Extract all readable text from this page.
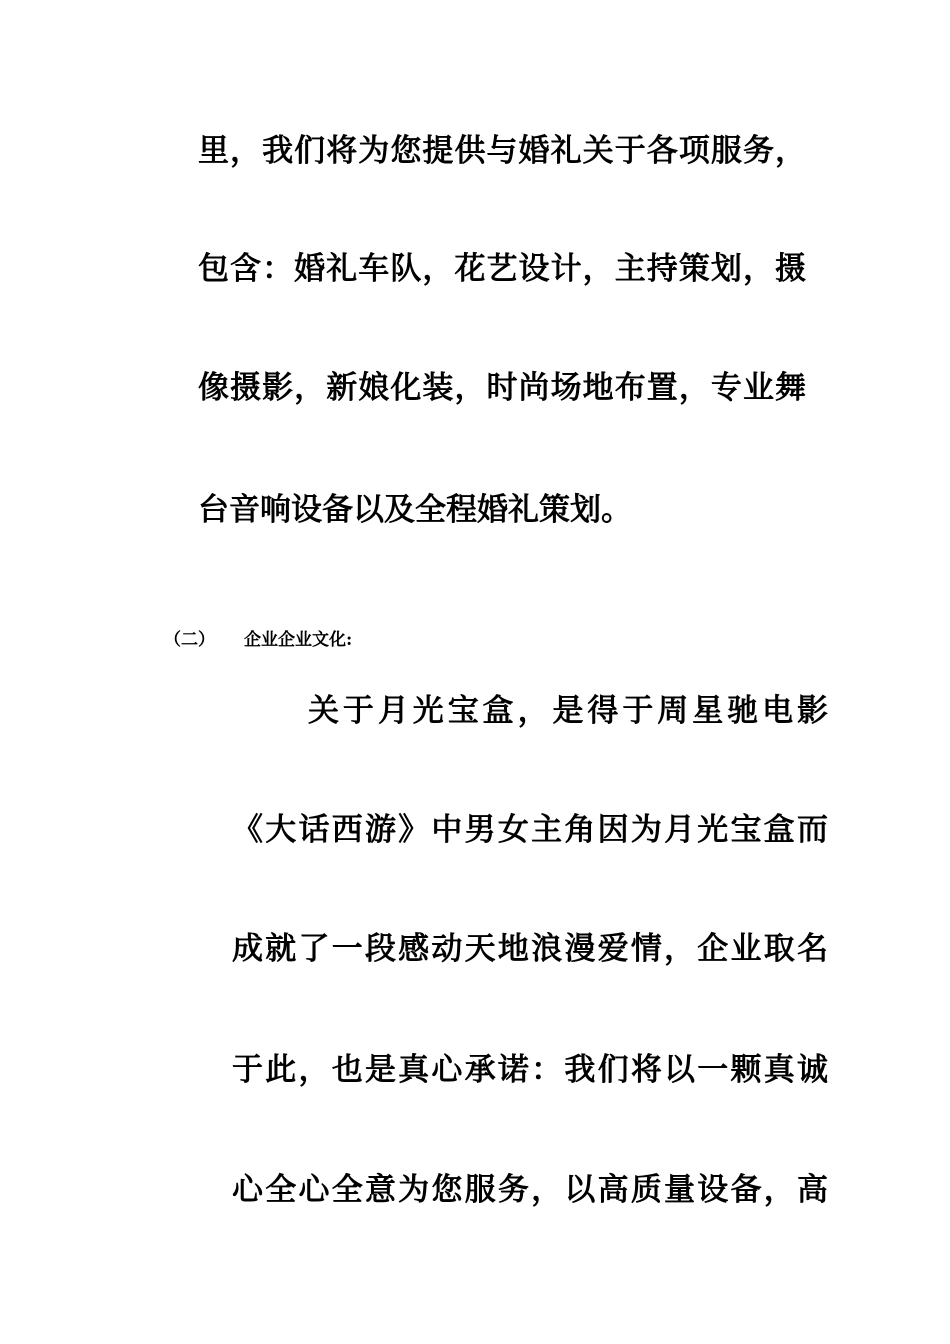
里，我们将为您提供与婚礼关于各项服务，
包含：婚礼车队，花艺设计，主持策划，摄
像摄影，新娘化装，时尚场地布置，专业舞
台音响设备以及全程婚礼策划。
（二） 企业企业文化:
关于月光宝盒，是得于周星驰电影
《大话西游》中男女主角因为月光宝盒而
成就了一段感动天地浪漫爱情，企业取名
于此，也是真心承诺：我们将以一颗真诚
心全心全意为您服务，以高质量设备，高
